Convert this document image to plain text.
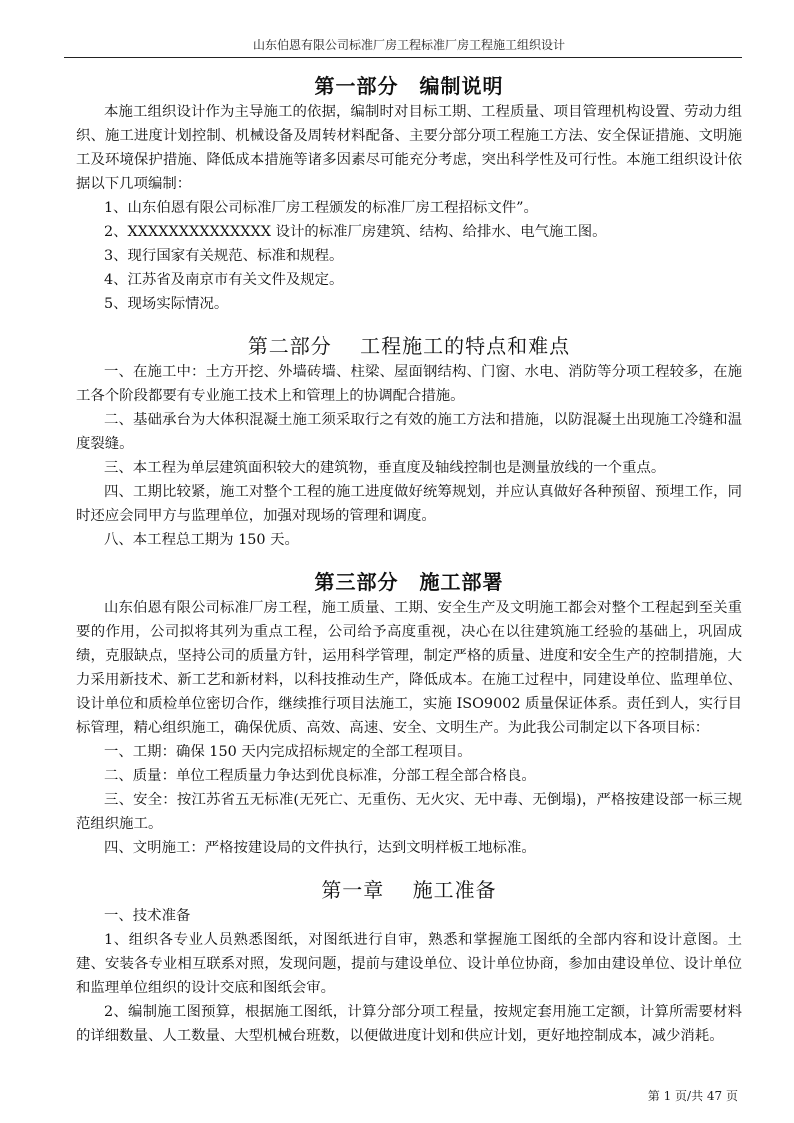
山东伯恩有限公司标准厂房工程标准厂房工程施工组织设计
第一部分　编制说明

本施工组织设计作为主导施工的依据，编制时对目标工期、工程质量、项目管理机构设置、劳动力组织、施工进度计划控制、机械设备及周转材料配备、主要分部分项工程施工方法、安全保证措施、文明施工及环境保护措施、降低成本措施等诸多因素尽可能充分考虑，突出科学性及可行性。本施工组织设计依据以下几项编制：

1、山东伯恩有限公司标准厂房工程颁发的标准厂房工程招标文件”。

2、XXXXXXXXXXXXXX 设计的标准厂房建筑、结构、给排水、电气施工图。

3、现行国家有关规范、标准和规程。

4、江苏省及南京市有关文件及规定。

5、现场实际情况。

第二部分　 工程施工的特点和难点

一、在施工中：土方开挖、外墙砖墙、柱梁、屋面钢结构、门窗、水电、消防等分项工程较多，在施工各个阶段都要有专业施工技术上和管理上的协调配合措施。

二、基础承台为大体积混凝土施工须采取行之有效的施工方法和措施，以防混凝土出现施工冷缝和温度裂缝。

三、本工程为单层建筑面积较大的建筑物，垂直度及轴线控制也是测量放线的一个重点。

四、工期比较紧，施工对整个工程的施工进度做好统筹规划，并应认真做好各种预留、预埋工作，同时还应会同甲方与监理单位，加强对现场的管理和调度。

八、本工程总工期为 150 天。

第三部分　施工部署

山东伯恩有限公司标准厂房工程，施工质量、工期、安全生产及文明施工都会对整个工程起到至关重要的作用，公司拟将其列为重点工程，公司给予高度重视，决心在以往建筑施工经验的基础上，巩固成绩，克服缺点，坚持公司的质量方针，运用科学管理，制定严格的质量、进度和安全生产的控制措施，大力采用新技术、新工艺和新材料，以科技推动生产，降低成本。在施工过程中，同建设单位、监理单位、设计单位和质检单位密切合作，继续推行项目法施工，实施 ISO9002 质量保证体系。责任到人，实行目标管理，精心组织施工，确保优质、高效、高速、安全、文明生产。为此我公司制定以下各项目标：

一、工期：确保 150 天内完成招标规定的全部工程项目。

二、质量：单位工程质量力争达到优良标准，分部工程全部合格良。

三、安全：按江苏省五无标准(无死亡、无重伤、无火灾、无中毒、无倒塌)，严格按建设部一标三规范组织施工。

四、文明施工：严格按建设局的文件执行，达到文明样板工地标准。

第一章　 施工准备

一、技术准备

1、组织各专业人员熟悉图纸，对图纸进行自审，熟悉和掌握施工图纸的全部内容和设计意图。土建、安装各专业相互联系对照，发现问题，提前与建设单位、设计单位协商，参加由建设单位、设计单位和监理单位组织的设计交底和图纸会审。

2、编制施工图预算，根据施工图纸，计算分部分项工程量，按规定套用施工定额，计算所需要材料的详细数量、人工数量、大型机械台班数，以便做进度计划和供应计划，更好地控制成本，减少消耗。

第 1 页/共 47 页
